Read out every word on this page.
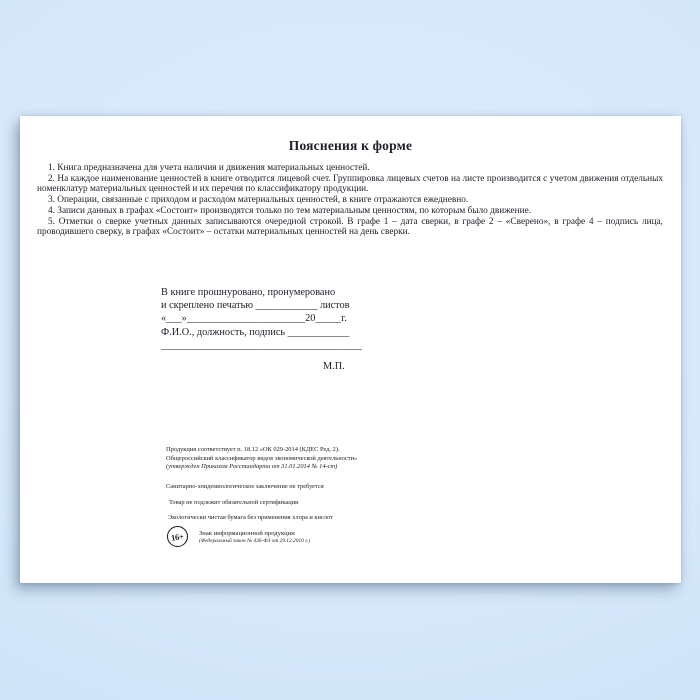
Пояснения к форме

1. Книга предназначена для учета наличия и движения материальных ценностей.

2. На каждое наименование ценностей в книге отводится лицевой счет. Группировка лицевых счетов на листе производится с учетом движения отдельных номенклатур материальных ценностей и их перечня по классификатору продукции.

3. Операции, связанные с приходом и расходом материальных ценностей, в книге отражаются ежедневно.

4. Записи данных в графах «Состоит» производятся только по тем материальным ценностям, по которым было движение.

5. Отметки о сверке учетных данных записываются очередной строкой. В графе 1 – дата сверки, в графе 2 – «Сверено», в графе 4 – подпись лица, проводившего сверку, в графах «Состоит» – остатки материальных ценностей на день сверки.

В книге прошнуровано, пронумеровано
и скреплено печатью ____________ листов
«___»_______________________20_____г.
Ф.И.О., должность, подпись ____________
_______________________________________
М.П.
Продукция соответствует п. 18.12 «ОК 029-2014 (КДЕС Ред. 2).
Общероссийский классификатор видов экономической деятельности»
(утвержден Приказом Росстандарта от 31.01.2014 № 14-ст)
Санитарно-эпидемиологическое заключение не требуется
Товар не подлежит обязательной сертификации
Экологически чистая бумага без применения хлора и кислот
16+ Знак информационной продукции
(Федеральный закон № 436-ФЗ от 29.12.2010 г.)
